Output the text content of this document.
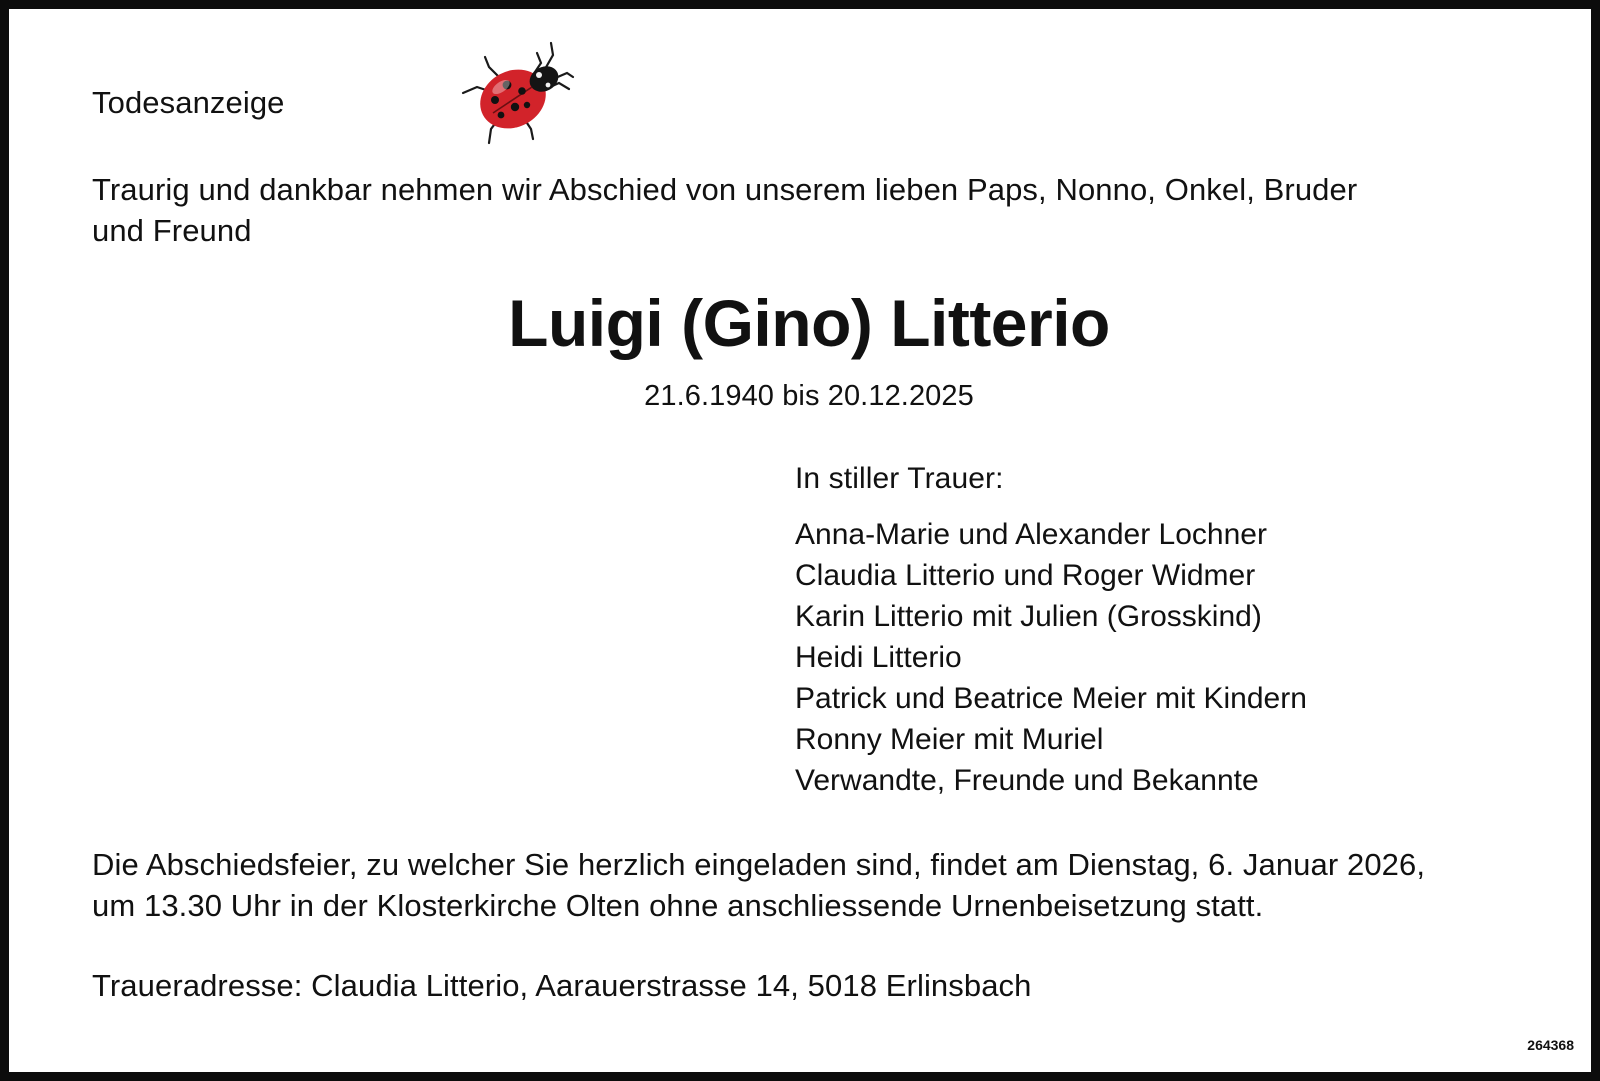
Todesanzeige
Traurig und dankbar nehmen wir Abschied von unserem lieben Paps, Nonno, Onkel, Bruder
und Freund
Luigi (Gino) Litterio
21.6.1940 bis 20.12.2025
In stiller Trauer:
Anna-Marie und Alexander Lochner
Claudia Litterio und Roger Widmer
Karin Litterio mit Julien (Grosskind)
Heidi Litterio
Patrick und Beatrice Meier mit Kindern
Ronny Meier mit Muriel
Verwandte, Freunde und Bekannte
Die Abschiedsfeier, zu welcher Sie herzlich eingeladen sind, findet am Dienstag, 6. Januar 2026,
um 13.30 Uhr in der Klosterkirche Olten ohne anschliessende Urnenbeisetzung statt.
Traueradresse: Claudia Litterio, Aarauerstrasse 14, 5018 Erlinsbach
264368
